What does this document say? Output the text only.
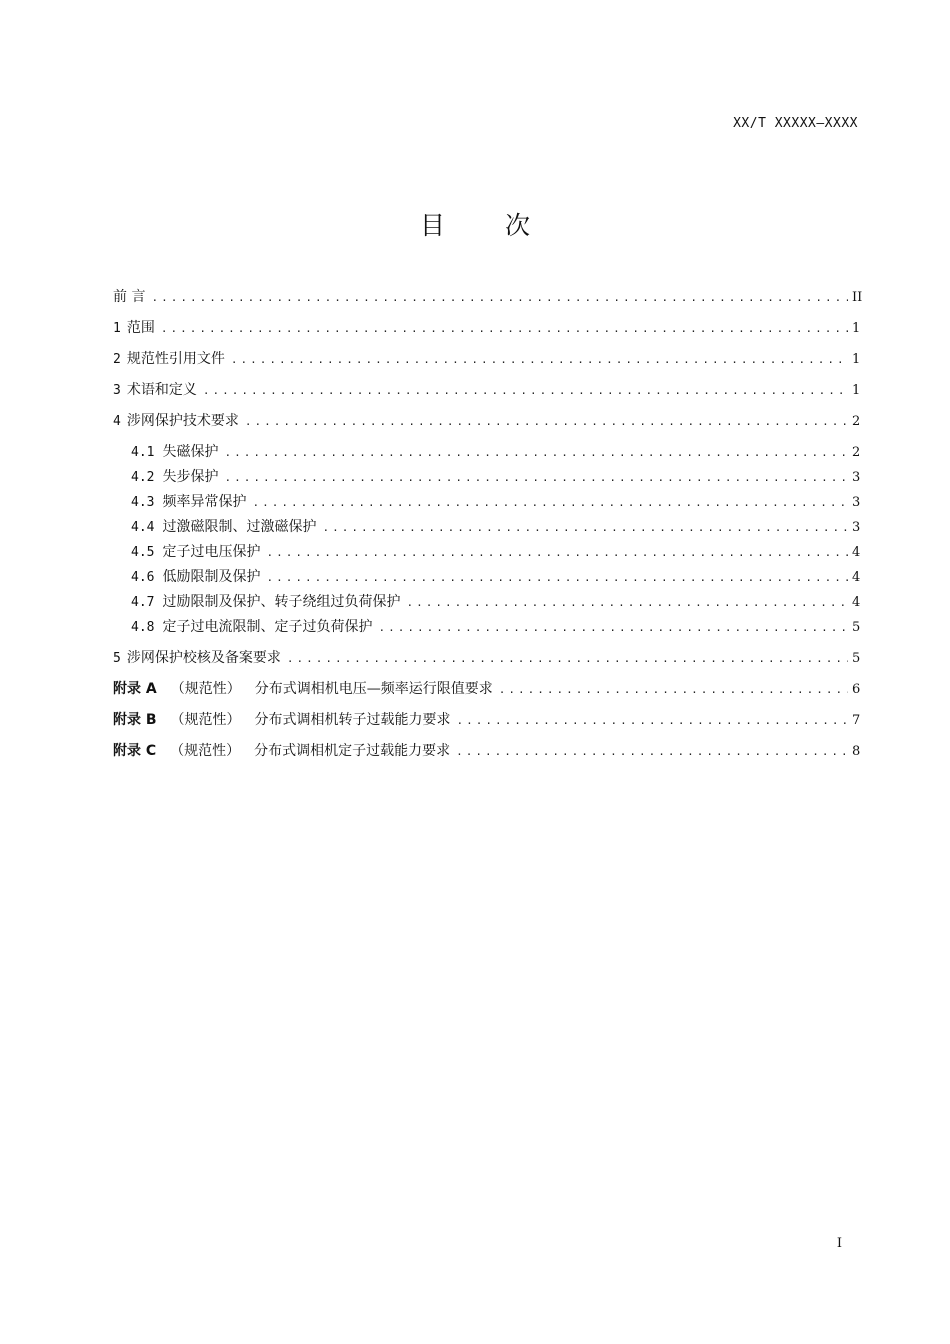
XX/T XXXXX—XXXX
目 次
前 言 .....	II
1 范围 .....	1
2 规范性引用文件 .....	1
3 术语和定义 .....	1
4 涉网保护技术要求 .....	2
4.1 失磁保护 .....	2
4.2 失步保护 .....	3
4.3 频率异常保护 .....	3
4.4 过激磁限制、过激磁保护 .....	3
4.5 定子过电压保护 .....	4
4.6 低励限制及保护 .....	4
4.7 过励限制及保护、转子绕组过负荷保护 .....	4
4.8 定子过电流限制、定子过负荷保护 .....	5
5 涉网保护校核及备案要求 .....	5
附录 A （规范性） 分布式调相机电压—频率运行限值要求 .....	6
附录 B （规范性） 分布式调相机转子过载能力要求 .....	7
附录 C （规范性） 分布式调相机定子过载能力要求 .....	8
I
